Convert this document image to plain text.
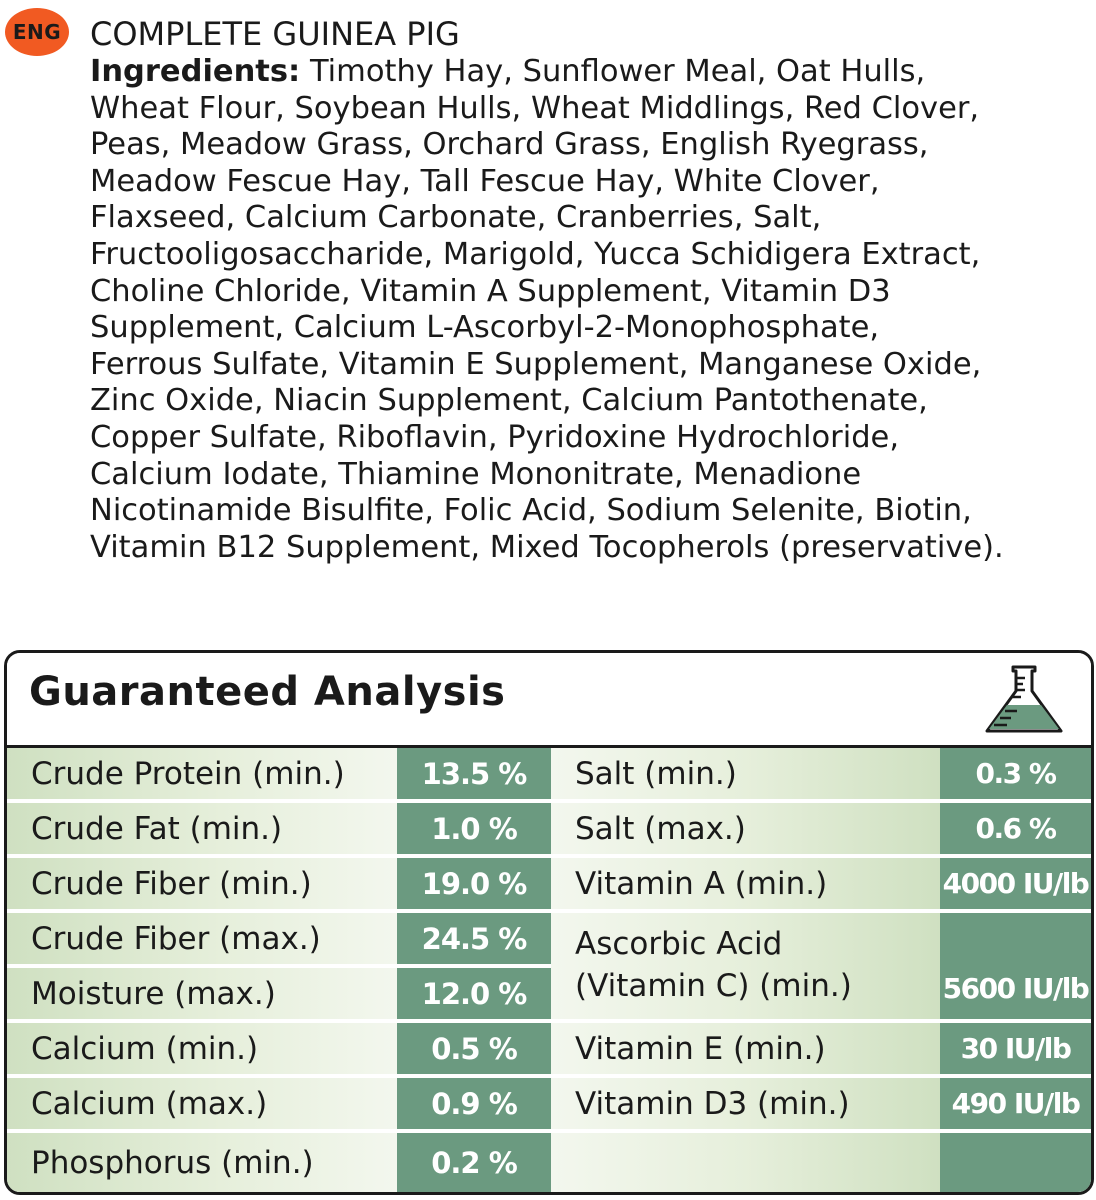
ENG COMPLETE GUINEA PIG
Ingredients: Timothy Hay, Sunflower Meal, Oat Hulls,
Wheat Flour, Soybean Hulls, Wheat Middlings, Red Clover,
Peas, Meadow Grass, Orchard Grass, English Ryegrass,
Meadow Fescue Hay, Tall Fescue Hay, White Clover,
Flaxseed, Calcium Carbonate, Cranberries, Salt,
Fructooligosaccharide, Marigold, Yucca Schidigera Extract,
Choline Chloride, Vitamin A Supplement, Vitamin D3
Supplement, Calcium L-Ascorbyl-2-Monophosphate,
Ferrous Sulfate, Vitamin E Supplement, Manganese Oxide,
Zinc Oxide, Niacin Supplement, Calcium Pantothenate,
Copper Sulfate, Riboflavin, Pyridoxine Hydrochloride,
Calcium Iodate, Thiamine Mononitrate, Menadione
Nicotinamide Bisulfite, Folic Acid, Sodium Selenite, Biotin,
Vitamin B12 Supplement, Mixed Tocopherols (preservative).
Guaranteed Analysis
Crude Protein (min.)	13.5 %	Salt (min.)	0.3 %
Crude Fat (min.)	1.0 %	Salt (max.)	0.6 %
Crude Fiber (min.)	19.0 %	Vitamin A (min.)	4000 IU/lb
Crude Fiber (max.)	24.5 %
Moisture (max.)	12.0 %
Ascorbic Acid
(Vitamin C) (min.)	5600 IU/lb
Calcium (min.)	0.5 %	Vitamin E (min.)	30 IU/lb
Calcium (max.)	0.9 %	Vitamin D3 (min.)	490 IU/lb
Phosphorus (min.)	0.2 %
